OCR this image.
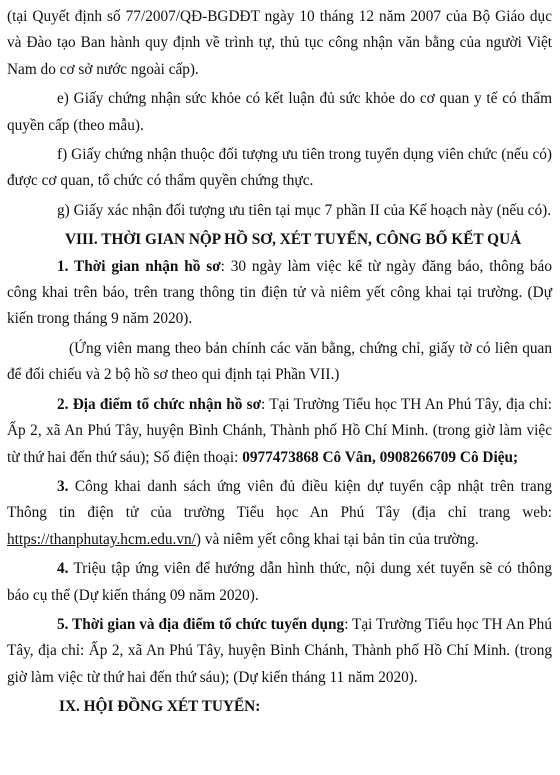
(tại Quyết định số 77/2007/QĐ-BGDĐT ngày 10 tháng 12 năm 2007 của Bộ Giáo dục và Đào tạo Ban hành quy định về trình tự, thủ tục công nhận văn bằng của người Việt Nam do cơ sở nước ngoài cấp).

e) Giấy chứng nhận sức khỏe có kết luận đủ sức khỏe do cơ quan y tế có thẩm quyền cấp (theo mẫu).

f) Giấy chứng nhận thuộc đối tượng ưu tiên trong tuyển dụng viên chức (nếu có) được cơ quan, tổ chức có thẩm quyền chứng thực.

g) Giấy xác nhận đối tượng ưu tiên tại mục 7 phần II của Kế hoạch này (nếu có).

VIII. THỜI GIAN NỘP HỒ SƠ, XÉT TUYỂN, CÔNG BỐ KẾT QUẢ

1. Thời gian nhận hồ sơ: 30 ngày làm việc kể từ ngày đăng báo, thông báo công khai trên báo, trên trang thông tin điện tử và niêm yết công khai tại trường. (Dự kiến trong tháng 9 năm 2020).

(Ứng viên mang theo bản chính các văn bằng, chứng chỉ, giấy tờ có liên quan để đối chiếu và 2 bộ hồ sơ theo qui định tại Phần VII.)

2. Địa điểm tổ chức nhận hồ sơ: Tại Trường Tiểu học TH An Phú Tây, địa chỉ: Ấp 2, xã An Phú Tây, huyện Bình Chánh, Thành phố Hồ Chí Minh. (trong giờ làm việc từ thứ hai đến thứ sáu); Số điện thoại: 0977473868 Cô Vân, 0908266709 Cô Diệu;

3. Công khai danh sách ứng viên đủ điều kiện dự tuyển cập nhật trên trang Thông tin điện tử của trường Tiểu học An Phú Tây (địa chỉ trang web: https://thanphutay.hcm.edu.vn/) và niêm yết công khai tại bản tin của trường.

4. Triệu tập ứng viên để hướng dẫn hình thức, nội dung xét tuyển sẽ có thông báo cụ thể (Dự kiến tháng 09 năm 2020).

5. Thời gian và địa điểm tổ chức tuyển dụng: Tại Trường Tiểu học TH An Phú Tây, địa chỉ: Ấp 2, xã An Phú Tây, huyện Bình Chánh, Thành phố Hồ Chí Minh. (trong giờ làm việc từ thứ hai đến thứ sáu); (Dự kiến tháng 11 năm 2020).

IX. HỘI ĐỒNG XÉT TUYỂN:
